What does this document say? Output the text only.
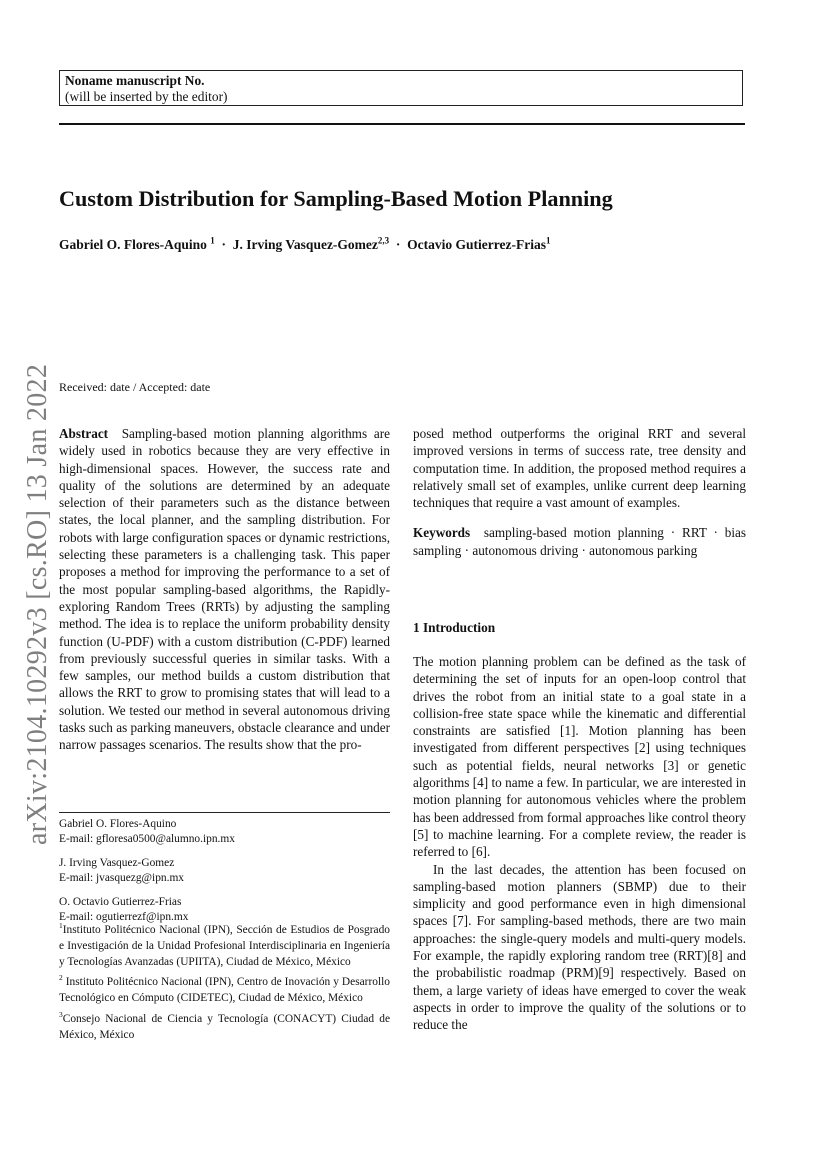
Noname manuscript No.
(will be inserted by the editor)
Custom Distribution for Sampling-Based Motion Planning
Gabriel O. Flores-Aquino $^1$ · J. Irving Vasquez-Gomez$^{2,3}$ · Octavio Gutierrez-Frias$^1$
arXiv:2104.10292v3 [cs.RO] 13 Jan 2022 Received: date / Accepted: date

Abstract Sampling-based motion planning algorithms are widely used in robotics because they are very effective in high-dimensional spaces. However, the success rate and quality of the solutions are determined by an adequate selection of their parameters such as the distance between states, the local planner, and the sampling distribution. For robots with large configuration spaces or dynamic restrictions, selecting these parameters is a challenging task. This paper proposes a method for improving the performance to a set of the most popular sampling-based algorithms, the Rapidly-exploring Random Trees (RRTs) by adjusting the sampling method. The idea is to replace the uniform probability density function (U-PDF) with a custom distribution (C-PDF) learned from previously successful queries in similar tasks. With a few samples, our method builds a custom distribution that allows the RRT to grow to promising states that will lead to a solution. We tested our method in several autonomous driving tasks such as parking maneuvers, obstacle clearance and under narrow passages scenarios. The results show that the pro-

posed method outperforms the original RRT and several improved versions in terms of success rate, tree density and computation time. In addition, the proposed method requires a relatively small set of examples, unlike current deep learning techniques that require a vast amount of examples.

Keywords sampling-based motion planning · RRT · bias sampling · autonomous driving · autonomous parking

1 Introduction

The motion planning problem can be defined as the task of determining the set of inputs for an open-loop control that drives the robot from an initial state to a goal state in a collision-free state space while the kinematic and differential constraints are satisfied [1]. Motion planning has been investigated from different perspectives [2] using techniques such as potential fields, neural networks [3] or genetic algorithms [4] to name a few. In particular, we are interested in motion planning for autonomous vehicles where the problem has been addressed from formal approaches like control theory [5] to machine learning. For a complete review, the reader is referred to [6].

In the last decades, the attention has been focused on sampling-based motion planners (SBMP) due to their simplicity and good performance even in high dimensional spaces [7]. For sampling-based methods, there are two main approaches: the single-query models and multi-query models. For example, the rapidly exploring random tree (RRT)[8] and the probabilistic roadmap (PRM)[9] respectively. Based on them, a large variety of ideas have emerged to cover the weak aspects in order to improve the quality of the solutions or to reduce the

Gabriel O. Flores-Aquino
E-mail: gfloresa0500@alumno.ipn.mx
J. Irving Vasquez-Gomez
E-mail: jvasquezg@ipn.mx
O. Octavio Gutierrez-Frias
E-mail: ogutierrezf@ipn.mx

$^1$Instituto Politécnico Nacional (IPN), Sección de Estudios de Posgrado e Investigación de la Unidad Profesional Interdisciplinaria en Ingeniería y Tecnologías Avanzadas (UPIITA), Ciudad de México, México

$^2$ Instituto Politécnico Nacional (IPN), Centro de Inovación y Desarrollo Tecnológico en Cómputo (CIDETEC), Ciudad de México, México

$^3$Consejo Nacional de Ciencia y Tecnología (CONACYT) Ciudad de México, México
